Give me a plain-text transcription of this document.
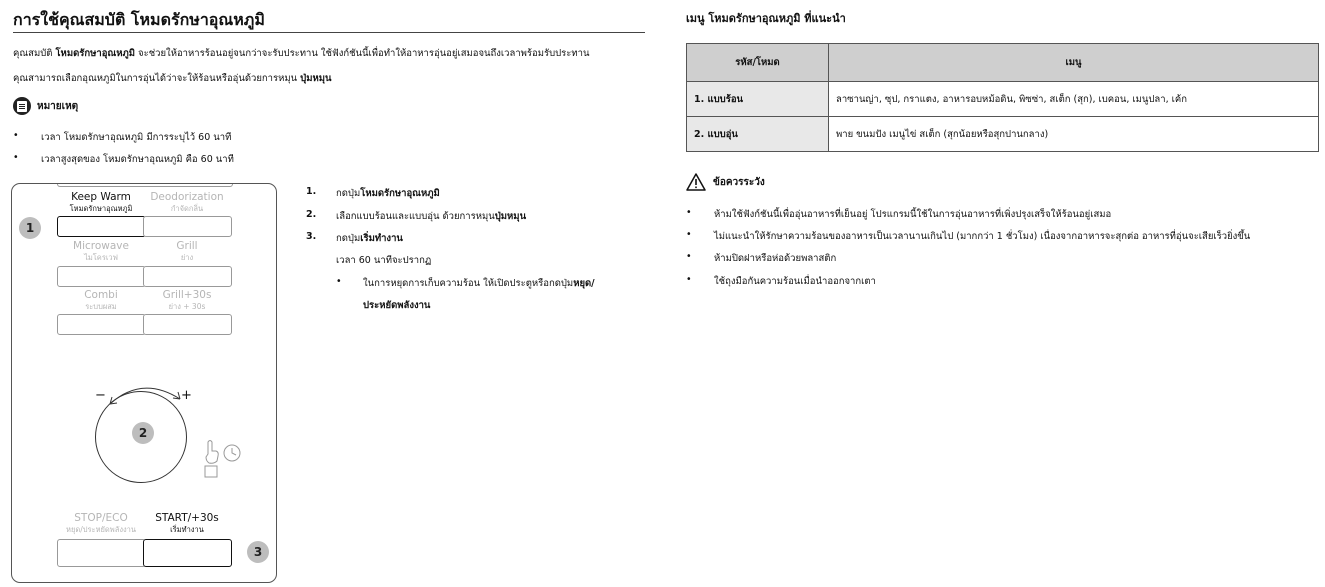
การใช้คุณสมบัติ โหมดรักษาอุณหภูมิ
คุณสมบัติ โหมดรักษาอุณหภูมิ จะช่วยให้อาหารร้อนอยู่จนกว่าจะรับประทาน ใช้ฟังก์ชันนี้เพื่อทำให้อาหารอุ่นอยู่เสมอจนถึงเวลาพร้อมรับประทาน
คุณสามารถเลือกอุณหภูมิในการอุ่นได้ว่าจะให้ร้อนหรืออุ่นด้วยการหมุน ปุ่มหมุน
หมายเหตุ
•	เวลา โหมดรักษาอุณหภูมิ มีการระบุไว้ 60 นาที
•	เวลาสูงสุดของ โหมดรักษาอุณหภูมิ คือ 60 นาที
Keep Warm
โหมดรักษาอุณหภูมิ
Deodorization
กำจัดกลิ่น
Microwave
ไมโครเวฟ
Grill
ย่าง
Combi
ระบบผสม
Grill+30s
ย่าง + 30s
1
−	+
2
STOP/ECO
หยุด/ประหยัดพลังงาน
START/+30s
เริ่มทำงาน
3
1.	กดปุ่ม โหมดรักษาอุณหภูมิ
2.	เลือกแบบร้อนและแบบอุ่น ด้วยการหมุน ปุ่มหมุน
3.	กดปุ่ม เริ่มทำงาน
เวลา 60 นาทีจะปรากฏ
•	ในการหยุดการเก็บความร้อน ให้เปิดประตูหรือกดปุ่ม หยุด/
ประหยัดพลังงาน
เมนู โหมดรักษาอุณหภูมิ ที่แนะนำ
รหัส/โหมด	เมนู
1. แบบร้อน	ลาซานญ่า, ซุป, กราแตง, อาหารอบหม้อดิน, พิซซ่า, สเต็ก (สุก), เบคอน, เมนูปลา, เค้ก
2. แบบอุ่น	พาย ขนมปัง เมนูไข่ สเต็ก (สุกน้อยหรือสุกปานกลาง)
ข้อควรระวัง
•	ห้ามใช้ฟังก์ชันนี้เพื่ออุ่นอาหารที่เย็นอยู่ โปรแกรมนี้ใช้ในการอุ่นอาหารที่เพิ่งปรุงเสร็จให้ร้อนอยู่เสมอ
•	ไม่แนะนำให้รักษาความร้อนของอาหารเป็นเวลานานเกินไป (มากกว่า 1 ชั่วโมง) เนื่องจากอาหารจะสุกต่อ อาหารที่อุ่นจะเสียเร็วยิ่งขึ้น
•	ห้ามปิดฝาหรือห่อด้วยพลาสติก
•	ใช้ถุงมือกันความร้อนเมื่อนำออกจากเตา
